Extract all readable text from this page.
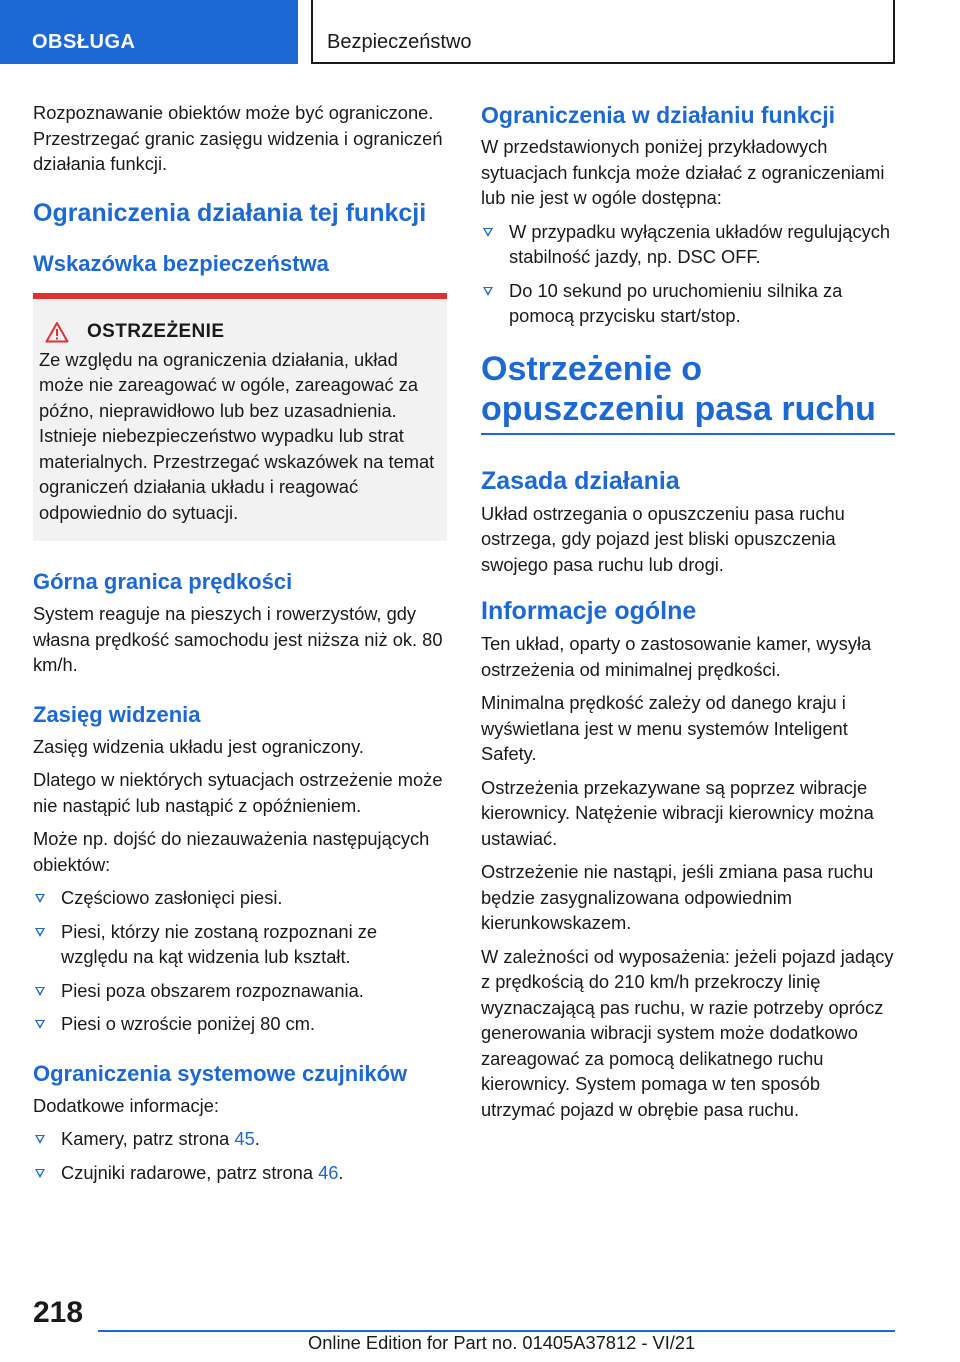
OBSŁUGA	Bezpieczeństwo

Rozpoznawanie obiektów może być ograniczone. Przestrzegać granic zasięgu widzenia i ograniczeń działania funkcji.

Ograniczenia działania tej funkcji
Wskazówka bezpieczeństwa
OSTRZEŻENIE

Ze względu na ograniczenia działania, układ może nie zareagować w ogóle, zareagować za późno, nieprawidłowo lub bez uzasadnienia. Istnieje niebezpieczeństwo wypadku lub strat materialnych. Przestrzegać wskazówek na temat ograniczeń działania układu i reagować odpowiednio do sytuacji.

Górna granica prędkości

System reaguje na pieszych i rowerzystów, gdy własna prędkość samochodu jest niższa niż ok. 80 km/h.

Zasięg widzenia

Zasięg widzenia układu jest ograniczony.

Dlatego w niektórych sytuacjach ostrzeżenie może nie nastąpić lub nastąpić z opóźnieniem.

Może np. dojść do niezauważenia następujących obiektów:

Częściowo zasłonięci piesi.
Piesi, którzy nie zostaną rozpoznani ze względu na kąt widzenia lub kształt.
Piesi poza obszarem rozpoznawania.
Piesi o wzroście poniżej 80 cm.
Ograniczenia systemowe czujników

Dodatkowe informacje:

Kamery, patrz strona 45.
Czujniki radarowe, patrz strona 46.
Ograniczenia w działaniu funkcji

W przedstawionych poniżej przykładowych sytuacjach funkcja może działać z ograniczeniami lub nie jest w ogóle dostępna:

W przypadku wyłączenia układów regulujących stabilność jazdy, np. DSC OFF.
Do 10 sekund po uruchomieniu silnika za pomocą przycisku start/stop.
Ostrzeżenie o opuszczeniu pasa ruchu
Zasada działania

Układ ostrzegania o opuszczeniu pasa ruchu ostrzega, gdy pojazd jest bliski opuszczenia swojego pasa ruchu lub drogi.

Informacje ogólne

Ten układ, oparty o zastosowanie kamer, wysyła ostrzeżenia od minimalnej prędkości.

Minimalna prędkość zależy od danego kraju i wyświetlana jest w menu systemów Inteligent Safety.

Ostrzeżenia przekazywane są poprzez wibracje kierownicy. Natężenie wibracji kierownicy można ustawiać.

Ostrzeżenie nie nastąpi, jeśli zmiana pasa ruchu będzie zasygnalizowana odpowiednim kierunkowskazem.

W zależności od wyposażenia: jeżeli pojazd jadący z prędkością do 210 km/h przekroczy linię wyznaczającą pas ruchu, w razie potrzeby oprócz generowania wibracji system może dodatkowo zareagować za pomocą delikatnego ruchu kierownicy. System pomaga w ten sposób utrzymać pojazd w obrębie pasa ruchu.

218
Online Edition for Part no. 01405A37812 - VI/21
